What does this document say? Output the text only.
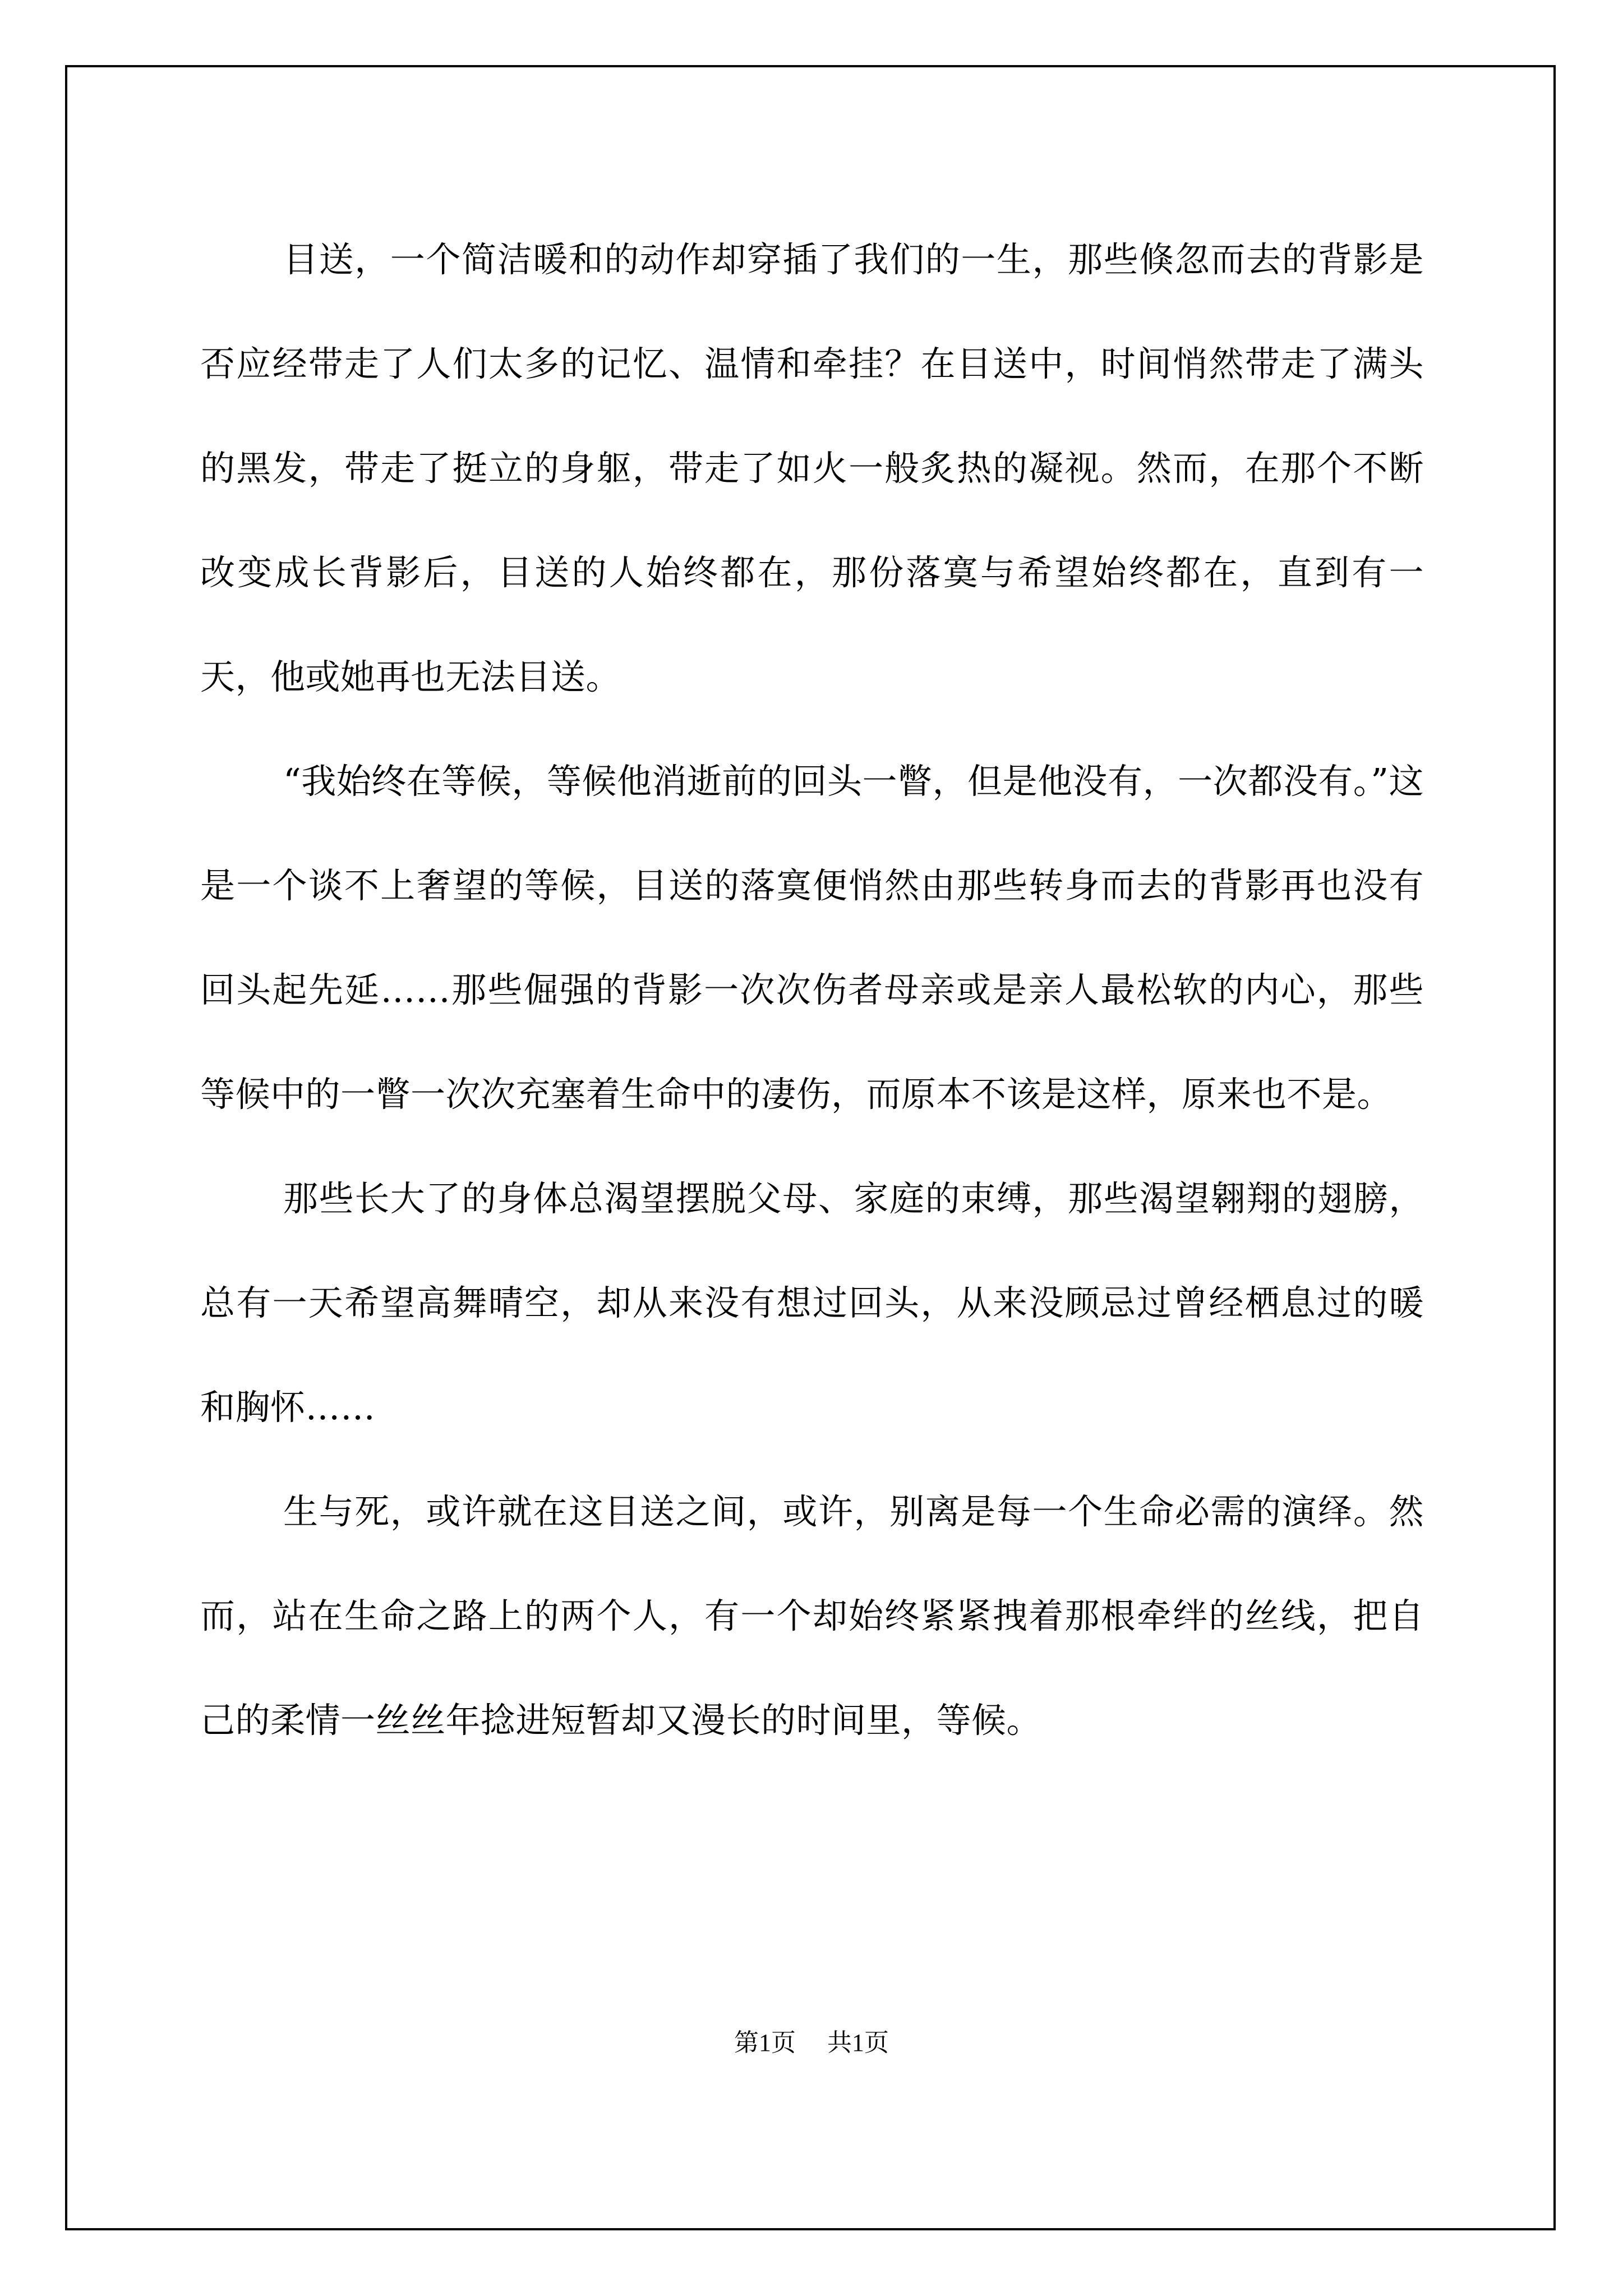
目送，一个简洁暖和的动作却穿插了我们的一生，那些倏忽而去的背影是否应经带走了人们太多的记忆、温情和牵挂？在目送中，时间悄然带走了满头的黑发，带走了挺立的身躯，带走了如火一般炙热的凝视。然而，在那个不断改变成长背影后，目送的人始终都在，那份落寞与希望始终都在，直到有一天，他或她再也无法目送。

“我始终在等候，等候他消逝前的回头一瞥，但是他没有，一次都没有。”这是一个谈不上奢望的等候，目送的落寞便悄然由那些转身而去的背影再也没有回头起先延……那些倔强的背影一次次伤者母亲或是亲人最松软的内心，那些等候中的一瞥一次次充塞着生命中的凄伤，而原本不该是这样，原来也不是。

那些长大了的身体总渴望摆脱父母、家庭的束缚，那些渴望翱翔的翅膀，总有一天希望高舞晴空，却从来没有想过回头，从来没顾忌过曾经栖息过的暖和胸怀……

生与死，或许就在这目送之间，或许，别离是每一个生命必需的演绎。然而，站在生命之路上的两个人，有一个却始终紧紧拽着那根牵绊的丝线，把自己的柔情一丝丝年捻进短暂却又漫长的时间里，等候。

第1页 共1页
